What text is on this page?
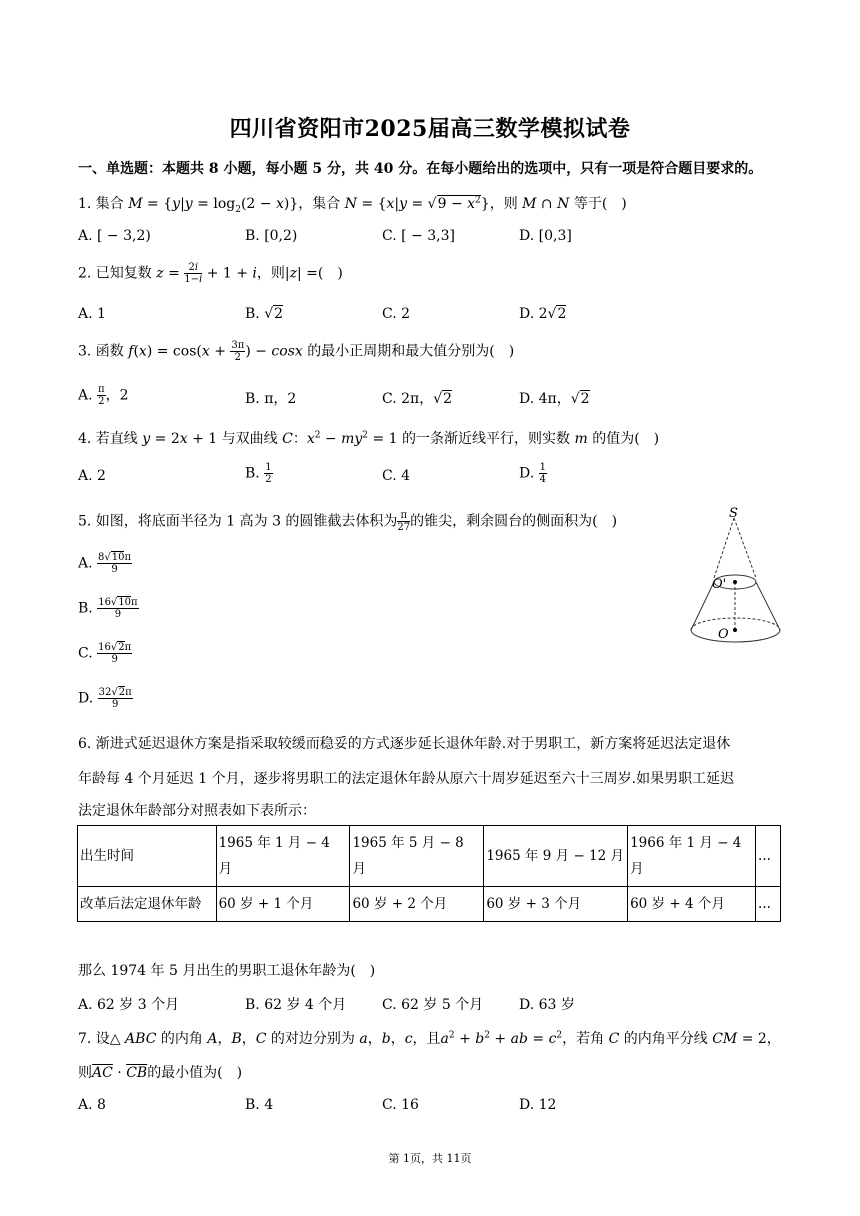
四川省资阳市2025届高三数学模拟试卷
一、单选题：本题共 8 小题，每小题 5 分，共 40 分。在每小题给出的选项中，只有一项是符合题目要求的。
1. 集合 $M = \{y|y = \log_2(2 - x)\}$，集合 $N = \{x|y = √9 - x^2\}$，则 M ∩ N 等于(　)
A. [ − 3,2)	B. [0,2)	C. [ − 3,3]	D. [0,3]
2. 已知复数 $z = \frac{2i}{1-i} + 1 + i$，则|z| =(　)
A. 1	B. √2	C. 2	D. 2√2
3. 函数 $f(x) = \cos(x + \frac{3\pi}{2}$ ) − cosx 的最小正周期和最大值分别为(　)
A. $\frac{\pi}{2}$ ，2	B. π，2	C. 2π，√2	D. 4π，√2
4. 若直线 y = 2x + 1 与双曲线 C：$x^2 - my^2 = 1$ 的一条渐近线平行，则实数 m 的值为(　)
A. 2	B. $\frac{1}{2}$	C. 4	D. $\frac{1}{4}$
5. 如图，将底面半径为 1 高为 3 的圆锥截去体积为 $\frac{\pi}{27}$ 的锥尖，剩余圆台的侧面积为(　)
A. $\frac{8√10\pi}{9}$
B. $\frac{16√10\pi}{9}$
C. $\frac{16√2\pi}{9}$
D. $\frac{32√2\pi}{9}$
S
O'
O
6. 渐进式延迟退休方案是指采取较缓而稳妥的方式逐步延长退休年龄.对于男职工，新方案将延迟法定退休
年龄每 4 个月延迟 1 个月，逐步将男职工的法定退休年龄从原六十周岁延迟至六十三周岁.如果男职工延迟
法定退休年龄部分对照表如下表所示：
出生时间	1965 年 1 月 − 4 月	1965 年 5 月 − 8 月	1965 年 9 月 − 12 月	1966 年 1 月 − 4 月	...
改革后法定退休年龄	60 岁 + 1 个月	60 岁 + 2 个月	60 岁 + 3 个月	60 岁 + 4 个月	...
那么 1974 年 5 月出生的男职工退休年龄为(　)
A. 62 岁 3 个月	B. 62 岁 4 个月	C. 62 岁 5 个月	D. 63 岁
7. 设△ ABC 的内角 A，B，C 的对边分别为 a，b，c，且$a^2 + b^2$ + ab = $c^2$，若角 C 的内角平分线 CM = 2，
则$\overline{AC} \cdot \overline{CB}$的最小值为(　)
A. 8	B. 4	C. 16	D. 12
第 1页，共 11页
